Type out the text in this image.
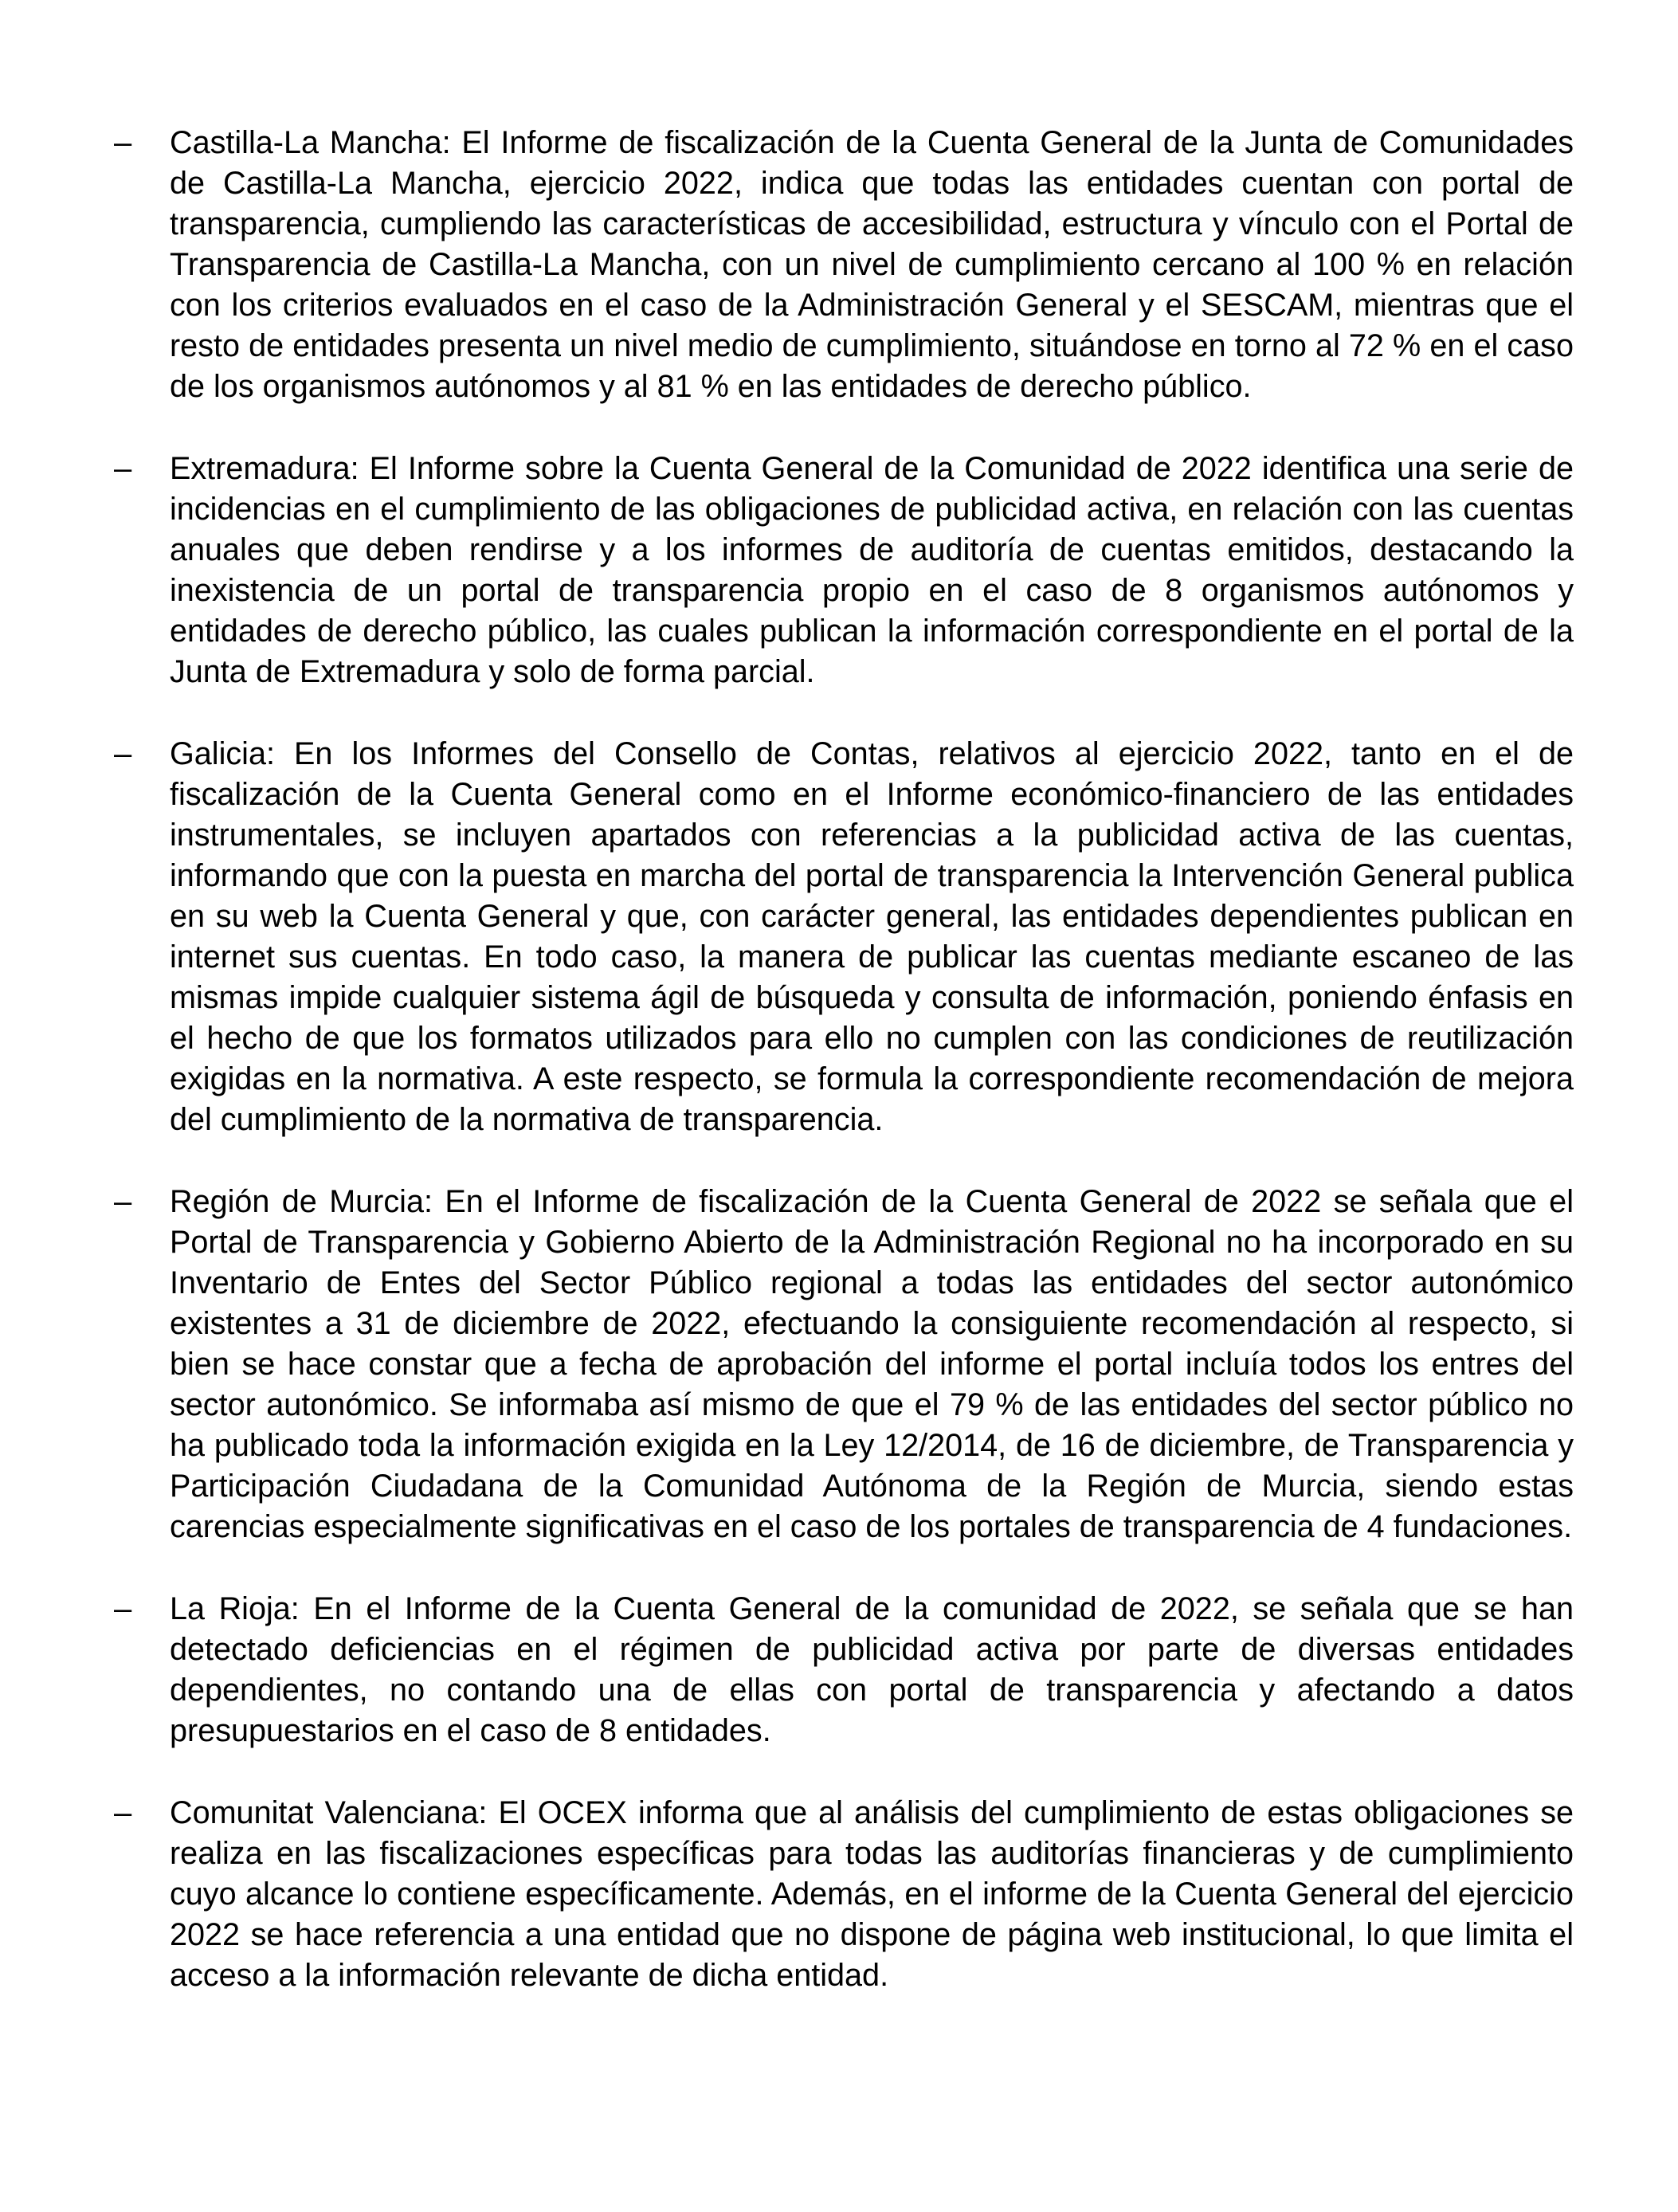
– Castilla-La Mancha: El Informe de fiscalización de la Cuenta General de la Junta de Comunidades de Castilla-La Mancha, ejercicio 2022, indica que todas las entidades cuentan con portal de transparencia, cumpliendo las características de accesibilidad, estructura y vínculo con el Portal de Transparencia de Castilla-La Mancha, con un nivel de cumplimiento cercano al 100 % en relación con los criterios evaluados en el caso de la Administración General y el SESCAM, mientras que el resto de entidades presenta un nivel medio de cumplimiento, situándose en torno al 72 % en el caso de los organismos autónomos y al 81 % en las entidades de derecho público.

– Extremadura: El Informe sobre la Cuenta General de la Comunidad de 2022 identifica una serie de incidencias en el cumplimiento de las obligaciones de publicidad activa, en relación con las cuentas anuales que deben rendirse y a los informes de auditoría de cuentas emitidos, destacando la inexistencia de un portal de transparencia propio en el caso de 8 organismos autónomos y entidades de derecho público, las cuales publican la información correspondiente en el portal de la Junta de Extremadura y solo de forma parcial.

– Galicia: En los Informes del Consello de Contas, relativos al ejercicio 2022, tanto en el de fiscalización de la Cuenta General como en el Informe económico-financiero de las entidades instrumentales, se incluyen apartados con referencias a la publicidad activa de las cuentas, informando que con la puesta en marcha del portal de transparencia la Intervención General publica en su web la Cuenta General y que, con carácter general, las entidades dependientes publican en internet sus cuentas. En todo caso, la manera de publicar las cuentas mediante escaneo de las mismas impide cualquier sistema ágil de búsqueda y consulta de información, poniendo énfasis en el hecho de que los formatos utilizados para ello no cumplen con las condiciones de reutilización exigidas en la normativa. A este respecto, se formula la correspondiente recomendación de mejora del cumplimiento de la normativa de transparencia.

– Región de Murcia: En el Informe de fiscalización de la Cuenta General de 2022 se señala que el Portal de Transparencia y Gobierno Abierto de la Administración Regional no ha incorporado en su Inventario de Entes del Sector Público regional a todas las entidades del sector autonómico existentes a 31 de diciembre de 2022, efectuando la consiguiente recomendación al respecto, si bien se hace constar que a fecha de aprobación del informe el portal incluía todos los entres del sector autonómico. Se informaba así mismo de que el 79 % de las entidades del sector público no ha publicado toda la información exigida en la Ley 12/2014, de 16 de diciembre, de Transparencia y Participación Ciudadana de la Comunidad Autónoma de la Región de Murcia, siendo estas carencias especialmente significativas en el caso de los portales de transparencia de 4 fundaciones.

– La Rioja: En el Informe de la Cuenta General de la comunidad de 2022, se señala que se han detectado deficiencias en el régimen de publicidad activa por parte de diversas entidades dependientes, no contando una de ellas con portal de transparencia y afectando a datos presupuestarios en el caso de 8 entidades.

– Comunitat Valenciana: El OCEX informa que al análisis del cumplimiento de estas obligaciones se realiza en las fiscalizaciones específicas para todas las auditorías financieras y de cumplimiento cuyo alcance lo contiene específicamente. Además, en el informe de la Cuenta General del ejercicio 2022 se hace referencia a una entidad que no dispone de página web institucional, lo que limita el acceso a la información relevante de dicha entidad.
